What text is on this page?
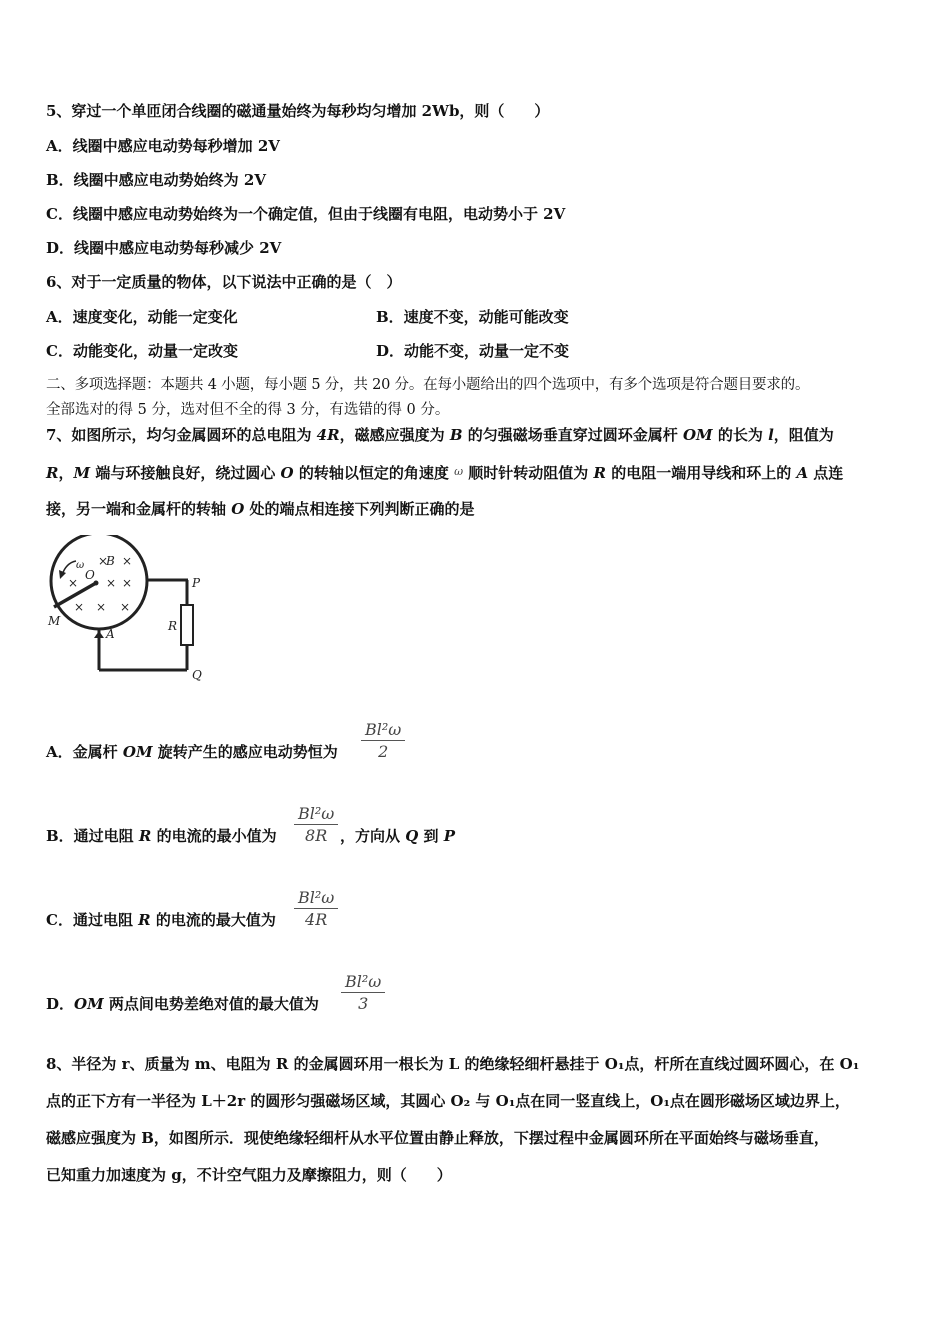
5、穿过一个单匝闭合线圈的磁通量始终为每秒均匀增加 2Wb，则（　　）
A．线圈中感应电动势每秒增加 2V
B．线圈中感应电动势始终为 2V
C．线圈中感应电动势始终为一个确定值，但由于线圈有电阻，电动势小于 2V
D．线圈中感应电动势每秒减少 2V
6、对于一定质量的物体，以下说法中正确的是（　）
A．速度变化，动能一定变化	B．速度不变，动能可能改变
C．动能变化，动量一定改变	D．动能不变，动量一定不变
二、多项选择题：本题共 4 小题，每小题 5 分，共 20 分。在每小题给出的四个选项中，有多个选项是符合题目要求的。
全部选对的得 5 分，选对但不全的得 3 分，有选错的得 0 分。
7、如图所示，均匀金属圆环的总电阻为 4R，磁感应强度为 B 的匀强磁场垂直穿过圆环金属杆 OM 的长为 l，阻值为
R，M 端与环接触良好，绕过圆心 O 的转轴以恒定的角速度 $^\omega$ 顺时针转动阻值为 R 的电阻一端用导线和环上的 A 点连
接，另一端和金属杆的转轴 O 处的端点相连接下列判断正确的是
ω
O
B
× ×
× × ×
× × ×
M
A
P
R
Q
A．金属杆 OM 旋转产生的感应电动势恒为
Bl²ω
2
B．通过电阻 R 的电流的最小值为
Bl²ω
8R ，方向从 Q 到 P
C．通过电阻 R 的电流的最大值为
Bl²ω
4R
D．OM 两点间电势差绝对值的最大值为
Bl²ω
3
8、半径为 r、质量为 m、电阻为 R 的金属圆环用一根长为 L 的绝缘轻细杆悬挂于 O₁点，杆所在直线过圆环圆心，在 O₁
点的正下方有一半径为 L＋2r 的圆形匀强磁场区域，其圆心 O₂ 与 O₁点在同一竖直线上，O₁点在圆形磁场区域边界上，
磁感应强度为 B，如图所示．现使绝缘轻细杆从水平位置由静止释放，下摆过程中金属圆环所在平面始终与磁场垂直，
已知重力加速度为 g，不计空气阻力及摩擦阻力，则（　　）
